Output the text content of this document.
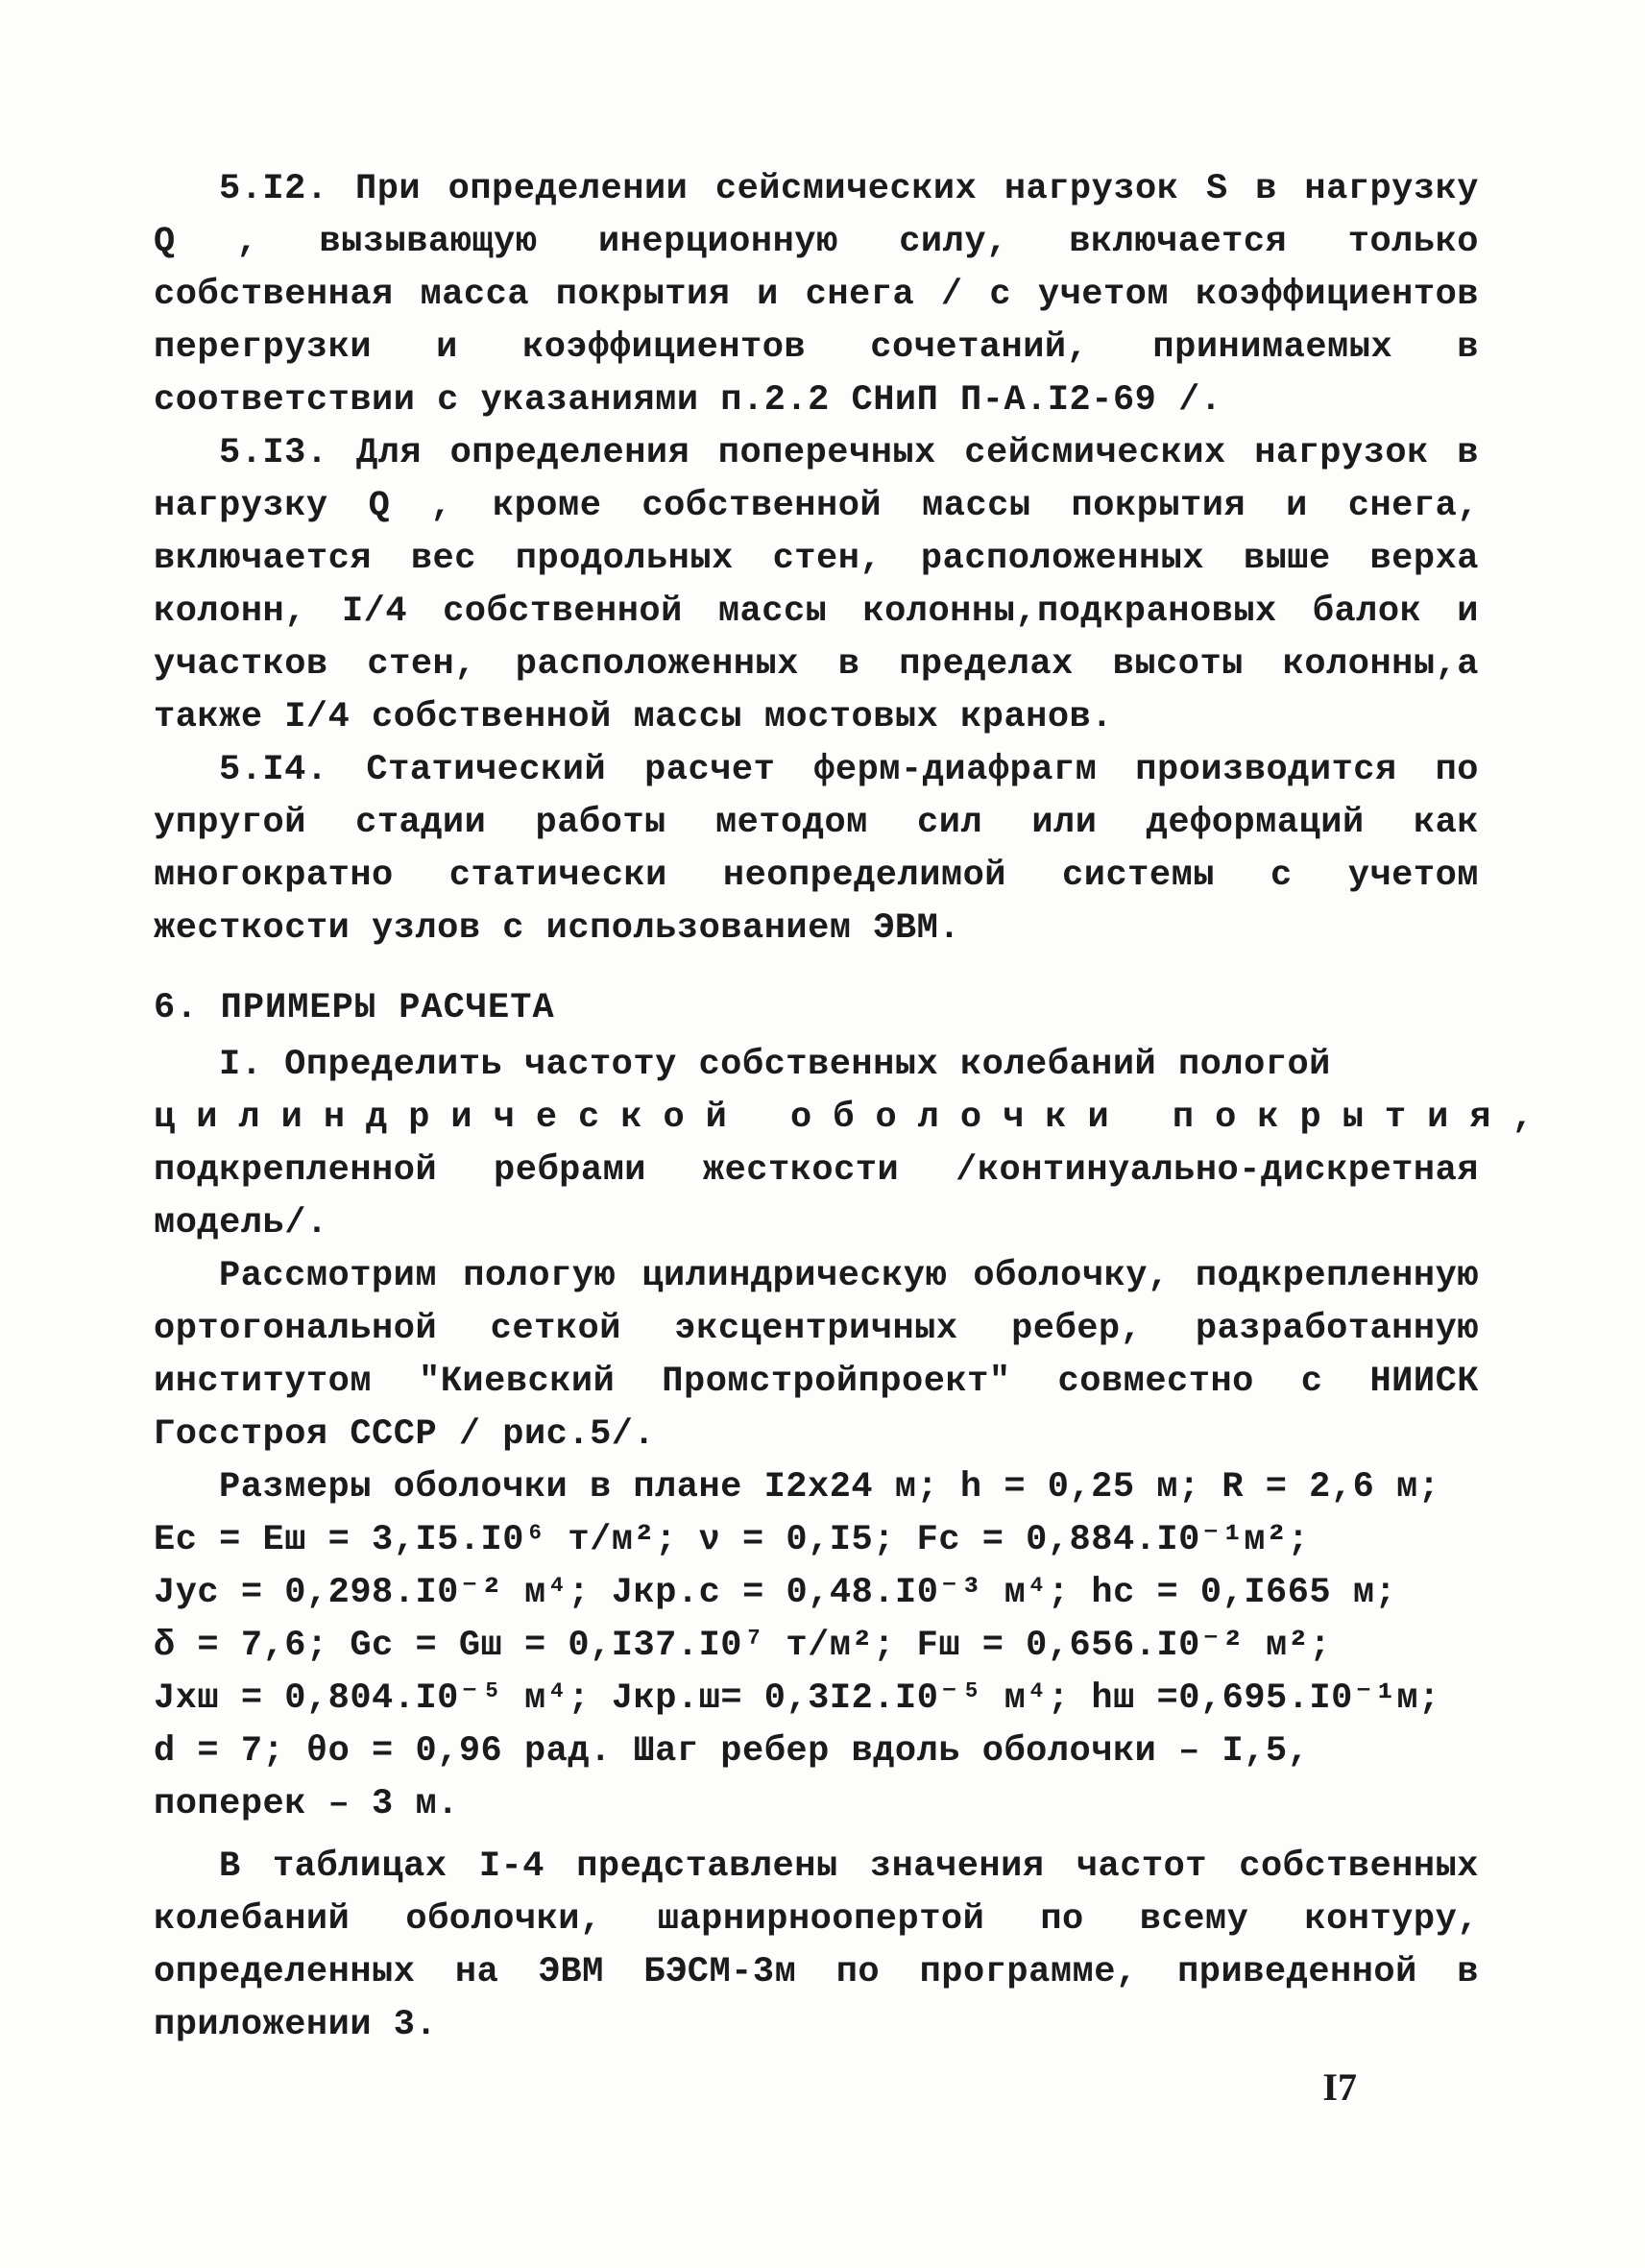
5.I2. При определении сейсмических нагрузок S в нагрузку Q , вызывающую инерционную силу, включается только собственная масса покрытия и снега / с учетом коэффициентов перегрузки и коэффициентов сочетаний, принимаемых в соответствии с указаниями п.2.2 СНиП П-А.I2-69 /.

5.I3. Для определения поперечных сейсмических нагрузок в нагрузку Q , кроме собственной массы покрытия и снега, включается вес продольных стен, расположенных выше верха колонн, I/4 собственной массы колонны,подкрановых балок и участков стен, расположенных в пределах высоты колонны,а также I/4 собственной массы мостовых кранов.

5.I4. Статический расчет ферм-диафрагм производится по упругой стадии работы методом сил или деформаций как многократно статически неопределимой системы с учетом жесткости узлов с использованием ЭВМ.

6. ПРИМЕРЫ РАСЧЕТА

I. Определить частоту собственных колебаний пологой

цилиндрической оболочки покрытия,

подкрепленной ребрами жесткости /континуально-дискретная модель/.

Рассмотрим пологую цилиндрическую оболочку, подкрепленную ортогональной сеткой эксцентричных ребер, разработанную институтом "Киевский Промстройпроект" совместно с НИИСК Госстроя СССР / рис.5/.

Размеры оболочки в плане I2x24 м; h = 0,25 м; R = 2,6 м;

Eс = Eш = 3,I5.I0⁶ т/м²; ν = 0,I5; Fс = 0,884.I0⁻¹м²;

Jус = 0,298.I0⁻² м⁴; Jкр.с = 0,48.I0⁻³ м⁴; hс = 0,I665 м;

δ = 7,6; Gс = Gш = 0,I37.I0⁷ т/м²; Fш = 0,656.I0⁻² м²;

Jхш = 0,804.I0⁻⁵ м⁴; Jкр.ш= 0,3I2.I0⁻⁵ м⁴; hш =0,695.I0⁻¹м;

d = 7; θо = 0,96 рад. Шаг ребер вдоль оболочки – I,5,

поперек – 3 м.

В таблицах I-4 представлены значения частот собственных колебаний оболочки, шарнирноопертой по всему контуру, определенных на ЭВМ БЭСМ-3м по программе, приведенной в приложении 3.

I7
